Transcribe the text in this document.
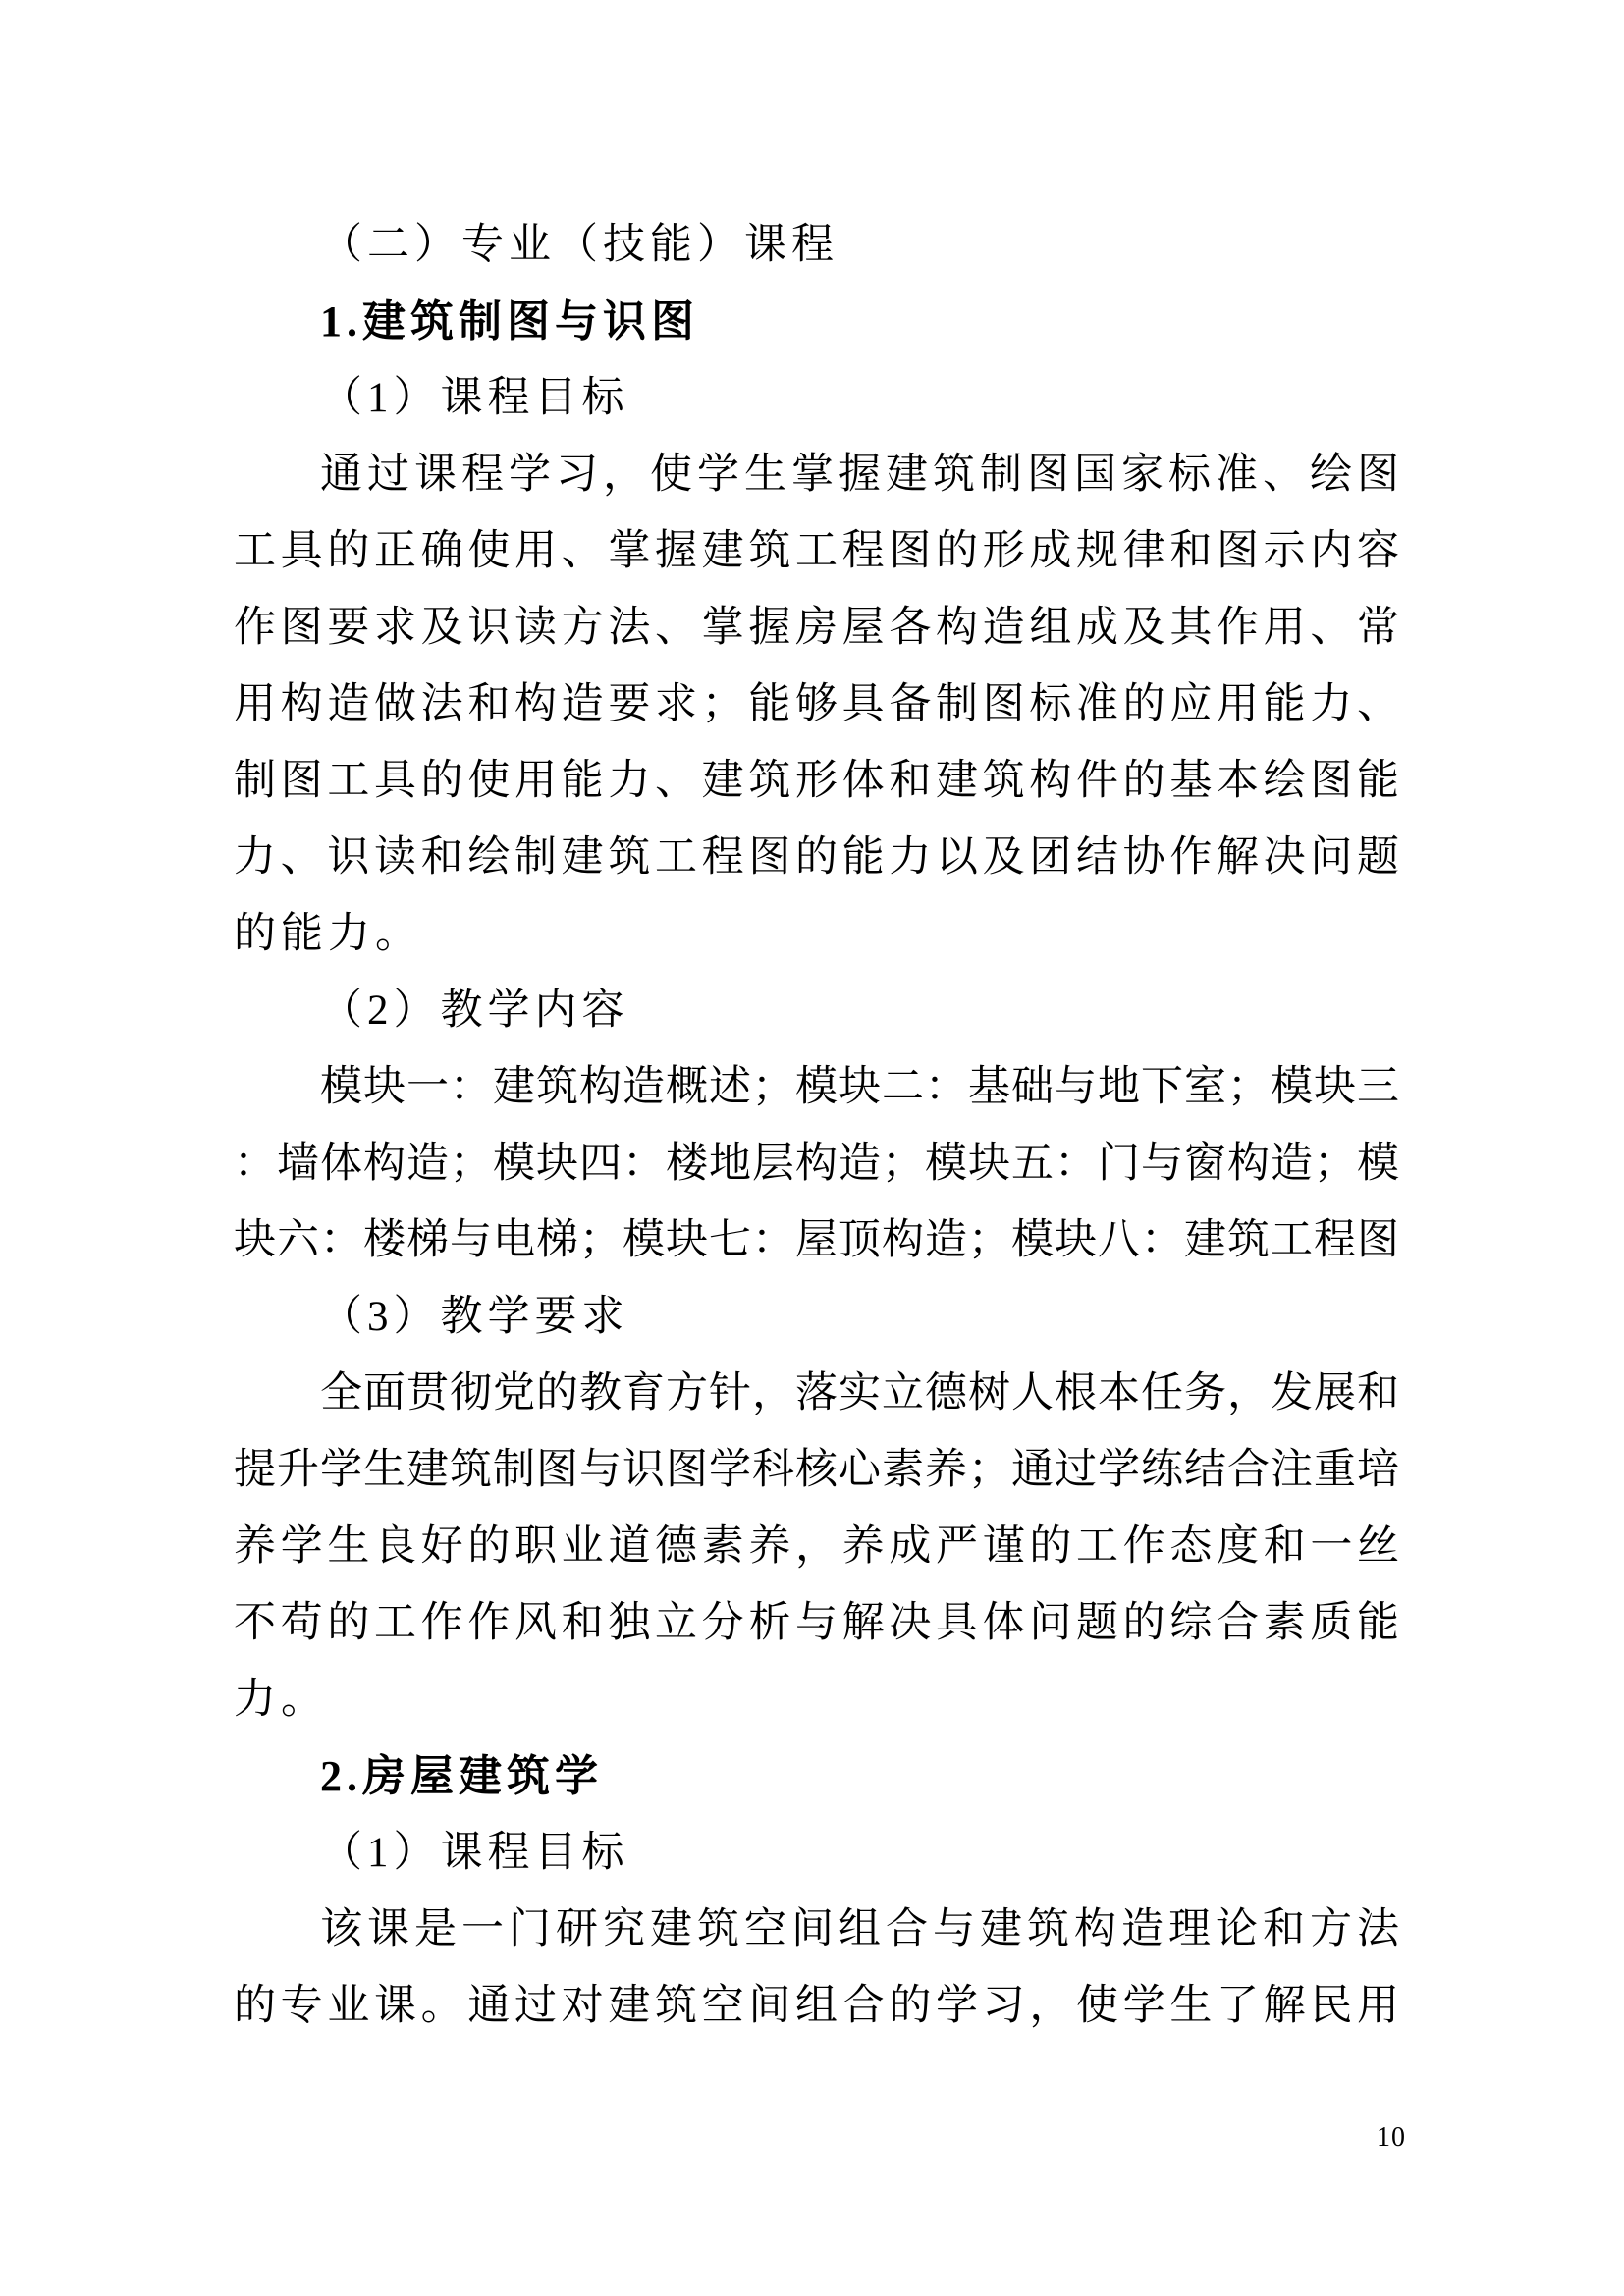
（二）专业（技能）课程
1.建筑制图与识图
（1）课程目标
通过课程学习，使学生掌握建筑制图国家标准、绘图
工具的正确使用、掌握建筑工程图的形成规律和图示内容
作图要求及识读方法、掌握房屋各构造组成及其作用、常
用构造做法和构造要求；能够具备制图标准的应用能力、
制图工具的使用能力、建筑形体和建筑构件的基本绘图能
力、识读和绘制建筑工程图的能力以及团结协作解决问题
的能力。
（2）教学内容
模块一：建筑构造概述；模块二：基础与地下室；模块三
：墙体构造；模块四：楼地层构造；模块五：门与窗构造；模
块六：楼梯与电梯；模块七：屋顶构造；模块八：建筑工程图
（3）教学要求
全面贯彻党的教育方针，落实立德树人根本任务，发展和
提升学生建筑制图与识图学科核心素养；通过学练结合注重培
养学生良好的职业道德素养，养成严谨的工作态度和一丝
不苟的工作作风和独立分析与解决具体问题的综合素质能
力。
2.房屋建筑学
（1）课程目标
该课是一门研究建筑空间组合与建筑构造理论和方法
的专业课。通过对建筑空间组合的学习，使学生了解民用
10
